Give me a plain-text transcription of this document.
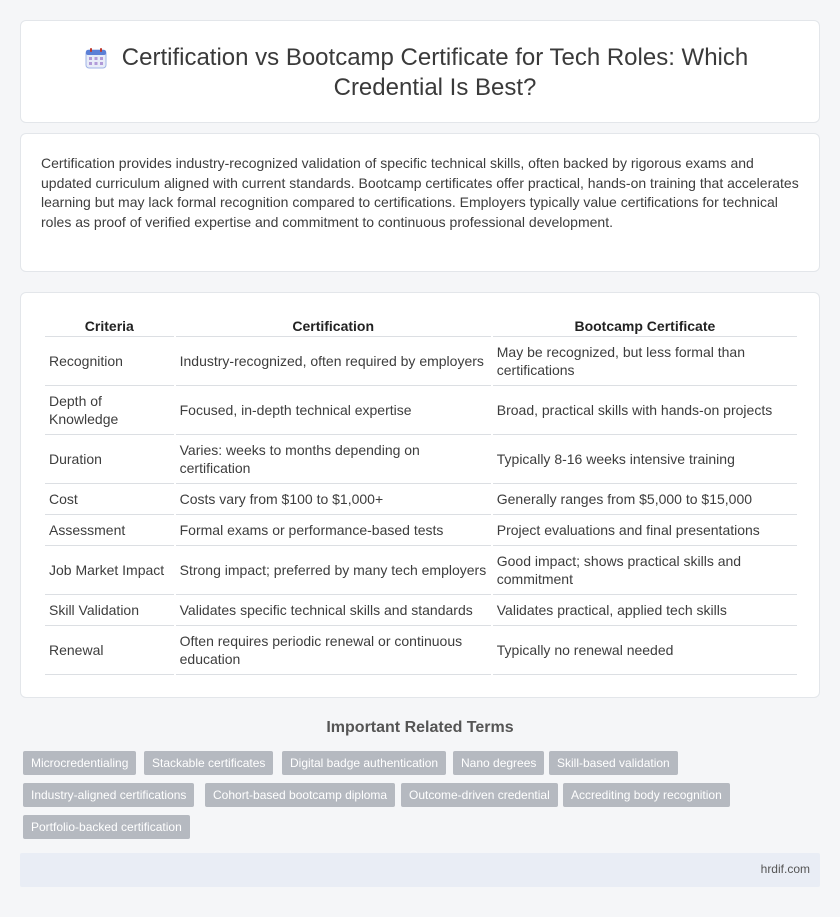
Certification vs Bootcamp Certificate for Tech Roles: Which Credential Is Best?

Certification provides industry-recognized validation of specific technical skills, often backed by rigorous exams and updated curriculum aligned with current standards. Bootcamp certificates offer practical, hands-on training that accelerates learning but may lack formal recognition compared to certifications. Employers typically value certifications for technical roles as proof of verified expertise and commitment to continuous professional development.

Criteria	Certification	Bootcamp Certificate
Recognition	Industry-recognized, often required by employers	May be recognized, but less formal than certifications
Depth of Knowledge	Focused, in-depth technical expertise	Broad, practical skills with hands-on projects
Duration	Varies: weeks to months depending on certification	Typically 8-16 weeks intensive training
Cost	Costs vary from $100 to $1,000+	Generally ranges from $5,000 to $15,000
Assessment	Formal exams or performance-based tests	Project evaluations and final presentations
Job Market Impact	Strong impact; preferred by many tech employers	Good impact; shows practical skills and commitment
Skill Validation	Validates specific technical skills and standards	Validates practical, applied tech skills
Renewal	Often requires periodic renewal or continuous education	Typically no renewal needed
Important Related Terms
Microcredentialing	Stackable certificates	Digital badge authentication	Nano degrees	Skill-based validation
Industry-aligned certifications	Cohort-based bootcamp diploma	Outcome-driven credential	Accrediting body recognition
Portfolio-backed certification
hrdif.com
